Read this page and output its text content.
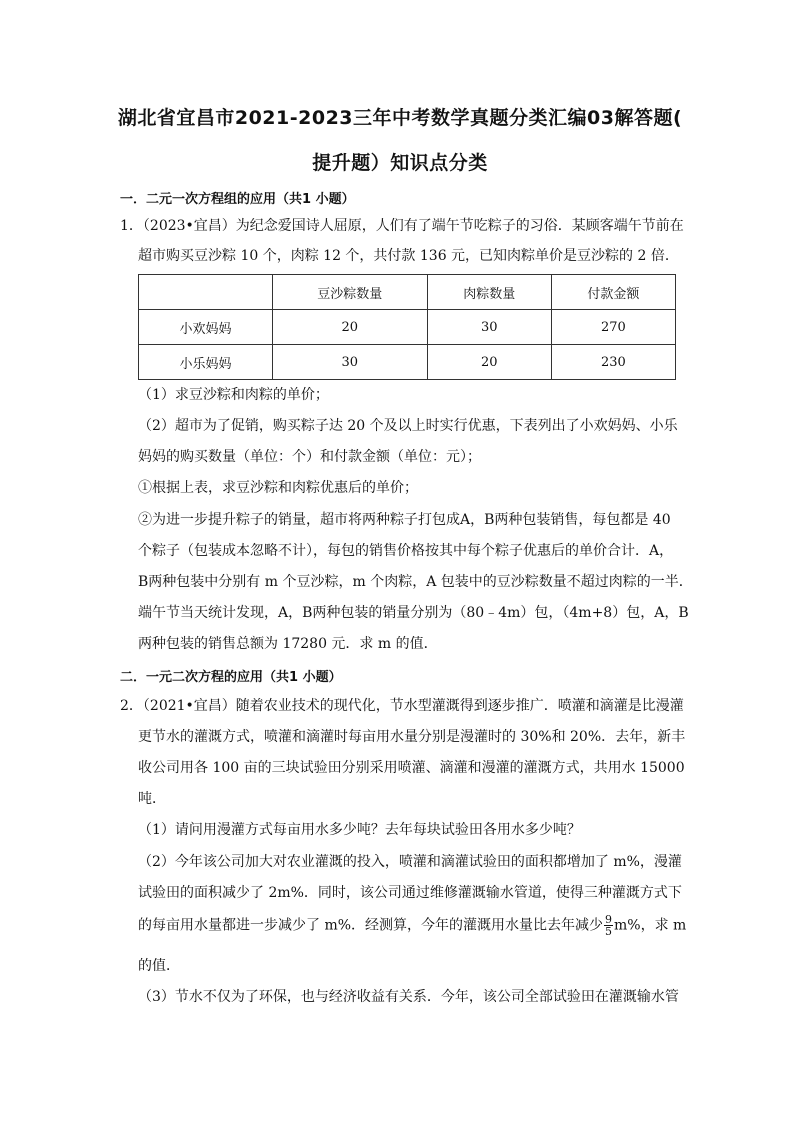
湖北省宜昌市2021-2023三年中考数学真题分类汇编03解答题(
提升题）知识点分类
一．二元一次方程组的应用（共1 小题）
1．（2023•宜昌）为纪念爱国诗人屈原，人们有了端午节吃粽子的习俗．某顾客端午节前在
超市购买豆沙粽 10 个，肉粽 12 个，共付款 136 元，已知肉粽单价是豆沙粽的 2 倍．
	豆沙粽数量	肉粽数量	付款金额
小欢妈妈	20	30	270
小乐妈妈	30	20	230
（1）求豆沙粽和肉粽的单价；
（2）超市为了促销，购买粽子达 20 个及以上时实行优惠，下表列出了小欢妈妈、小乐
妈妈的购买数量（单位：个）和付款金额（单位：元）；
①根据上表，求豆沙粽和肉粽优惠后的单价；
②为进一步提升粽子的销量，超市将两种粽子打包成A，B两种包装销售，每包都是 40
个粽子（包装成本忽略不计），每包的销售价格按其中每个粽子优惠后的单价合计．A，
B两种包装中分别有 m 个豆沙粽，m 个肉粽，A 包装中的豆沙粽数量不超过肉粽的一半．
端午节当天统计发现，A，B两种包装的销量分别为（80﹣4m）包，（4m+8）包，A，B
两种包装的销售总额为 17280 元．求 m 的值．
二．一元二次方程的应用（共1 小题）
2．（2021•宜昌）随着农业技术的现代化，节水型灌溉得到逐步推广．喷灌和滴灌是比漫灌
更节水的灌溉方式，喷灌和滴灌时每亩用水量分别是漫灌时的 30%和 20%．去年，新丰
收公司用各 100 亩的三块试验田分别采用喷灌、滴灌和漫灌的灌溉方式，共用水 15000
吨．
（1）请问用漫灌方式每亩用水多少吨？去年每块试验田各用水多少吨？
（2）今年该公司加大对农业灌溉的投入，喷灌和滴灌试验田的面积都增加了 m%，漫灌
试验田的面积减少了 2m%．同时，该公司通过维修灌溉输水管道，使得三种灌溉方式下
的每亩用水量都进一步减少了 m%．经测算，今年的灌溉用水量比去年减少 $\frac{9}{5} m\%$，求 m
的值．
（3）节水不仅为了环保，也与经济收益有关系．今年，该公司全部试验田在灌溉输水管
